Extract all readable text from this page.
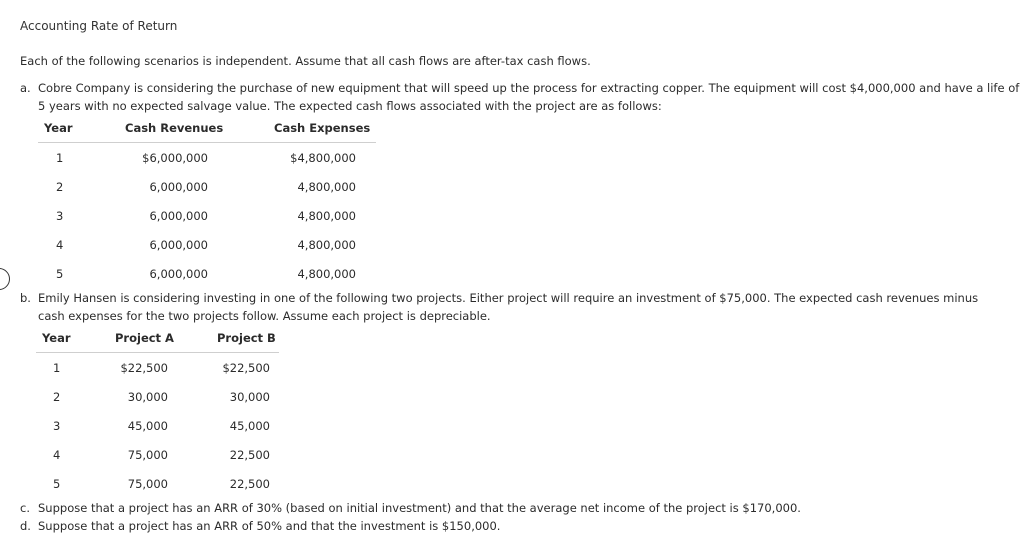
Accounting Rate of Return
Each of the following scenarios is independent. Assume that all cash flows are after-tax cash flows.
a. Cobre Company is considering the purchase of new equipment that will speed up the process for extracting copper. The equipment will cost $4,000,000 and have a life of 5 years with no expected salvage value. The expected cash flows associated with the project are as follows:
Year	Cash Revenues	Cash Expenses
1	$6,000,000	$4,800,000
2	6,000,000	4,800,000
3	6,000,000	4,800,000
4	6,000,000	4,800,000
5	6,000,000	4,800,000
b. Emily Hansen is considering investing in one of the following two projects. Either project will require an investment of $75,000. The expected cash revenues minus cash expenses for the two projects follow. Assume each project is depreciable.
Year	Project A	Project B
1	$22,500	$22,500
2	30,000	30,000
3	45,000	45,000
4	75,000	22,500
5	75,000	22,500
c. Suppose that a project has an ARR of 30% (based on initial investment) and that the average net income of the project is $170,000.
d. Suppose that a project has an ARR of 50% and that the investment is $150,000.
